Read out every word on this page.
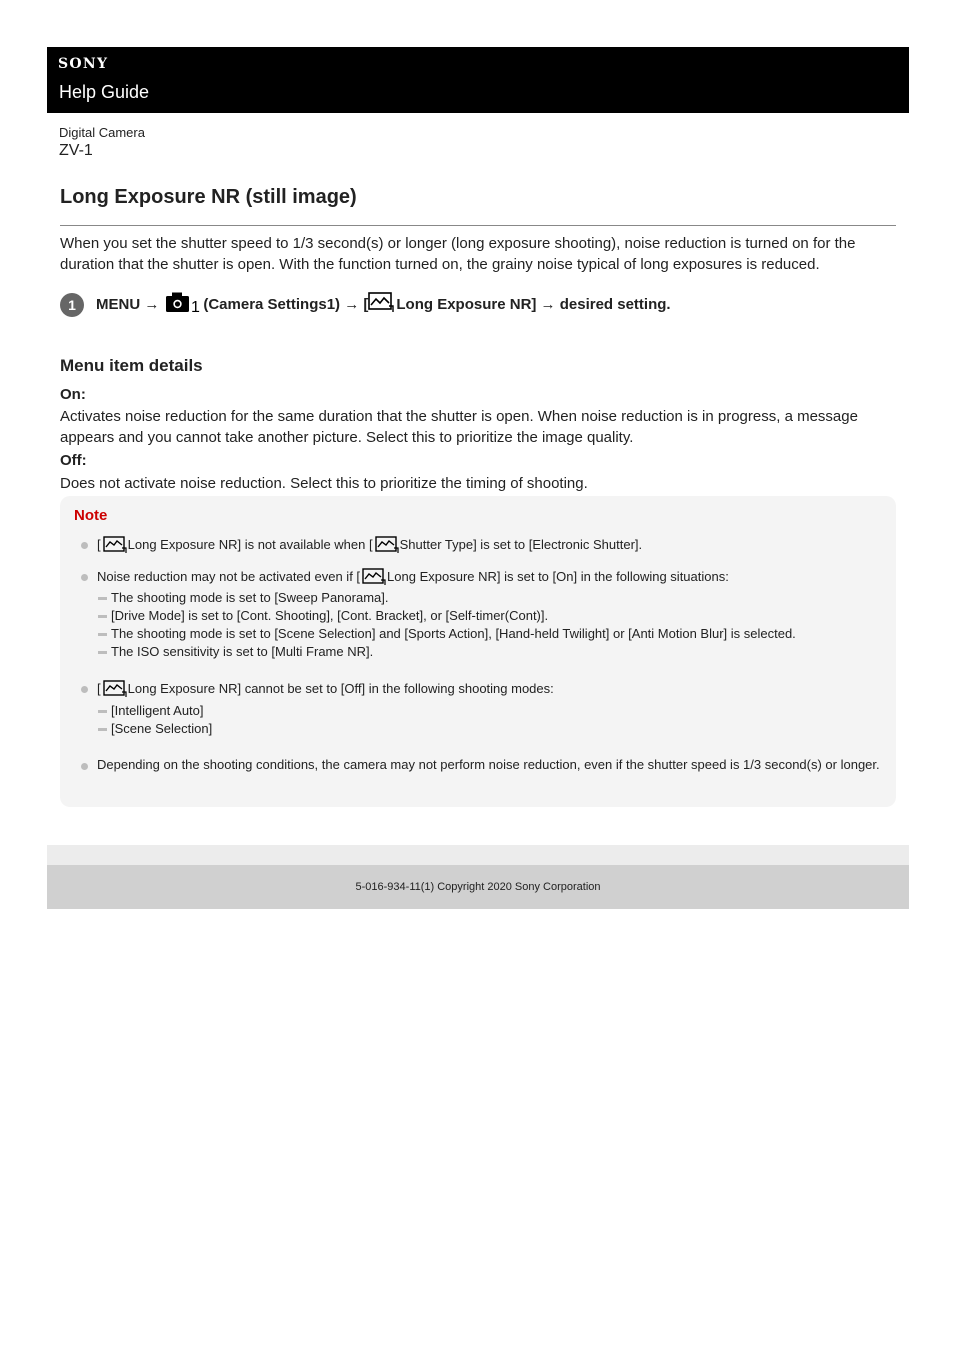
SONY
Help Guide
Digital Camera
ZV-1
Long Exposure NR (still image)

When you set the shutter speed to 1/3 second(s) or longer (long exposure shooting), noise reduction is turned on for the duration that the shutter is open. With the function turned on, the grainy noise typical of long exposures is reduced.

1	MENU → 1 (Camera Settings1) → [ Long Exposure NR] → desired setting.
Menu item details
On:

Activates noise reduction for the same duration that the shutter is open. When noise reduction is in progress, a message appears and you cannot take another picture. Select this to prioritize the image quality.

Off:

Does not activate noise reduction. Select this to prioritize the timing of shooting.

Note
[ Long Exposure NR] is not available when [ Shutter Type] is set to [Electronic Shutter].
Noise reduction may not be activated even if [ Long Exposure NR] is set to [On] in the following situations:
The shooting mode is set to [Sweep Panorama].
[Drive Mode] is set to [Cont. Shooting], [Cont. Bracket], or [Self-timer(Cont)].
The shooting mode is set to [Scene Selection] and [Sports Action], [Hand-held Twilight] or [Anti Motion Blur] is selected.
The ISO sensitivity is set to [Multi Frame NR].
[ Long Exposure NR] cannot be set to [Off] in the following shooting modes:
[Intelligent Auto]
[Scene Selection]
Depending on the shooting conditions, the camera may not perform noise reduction, even if the shutter speed is 1/3 second(s) or longer.
5-016-934-11(1) Copyright 2020 Sony Corporation
